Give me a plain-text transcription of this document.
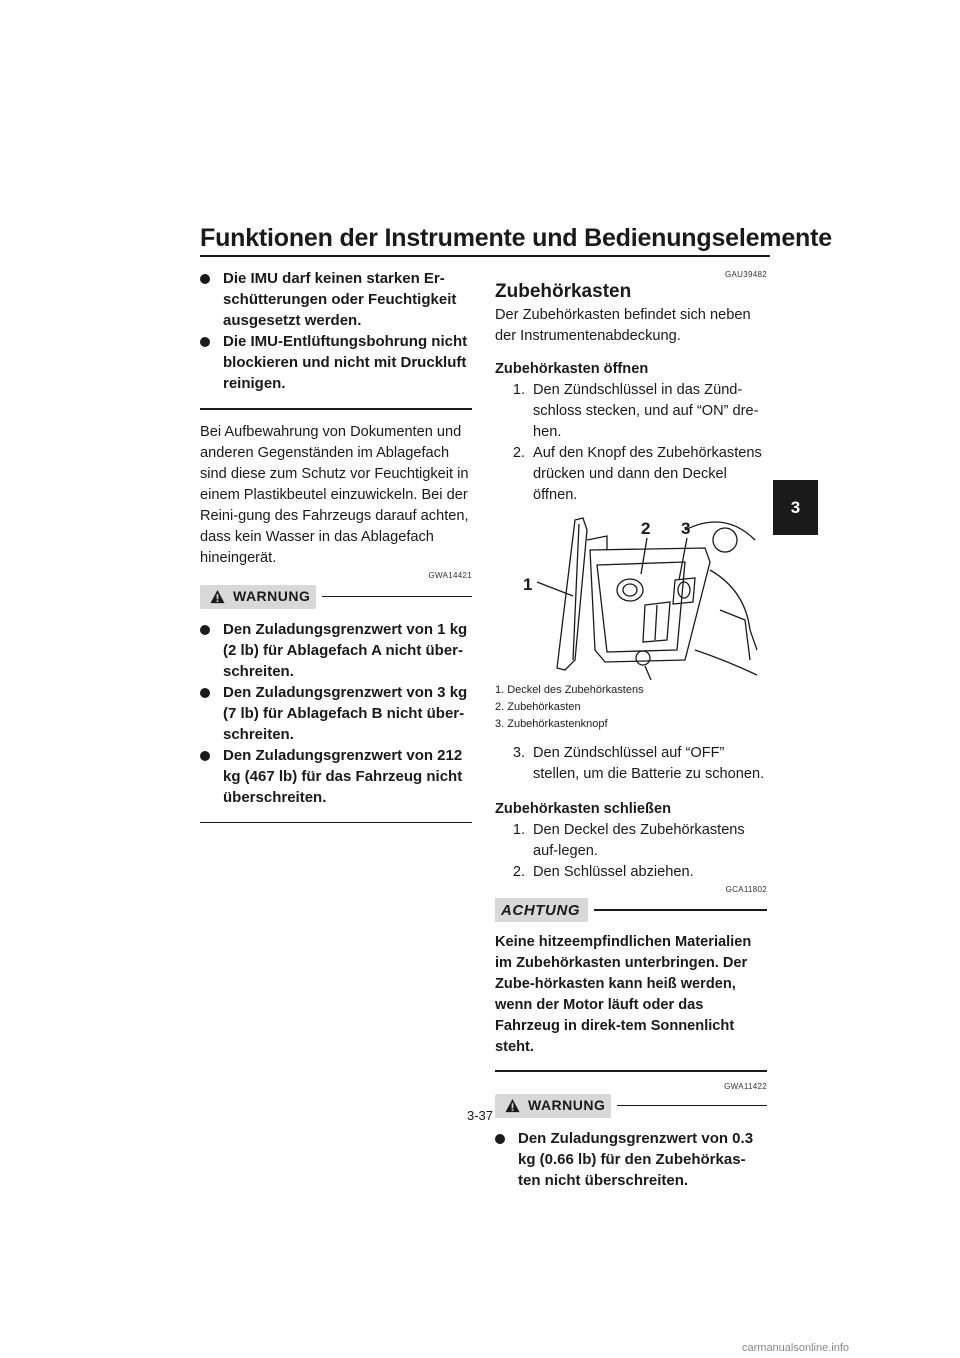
Funktionen der Instrumente und Bedienungselemente
3
Die IMU darf keinen starken Er-schütterungen oder Feuchtigkeit ausgesetzt werden.
Die IMU-Entlüftungsbohrung nicht blockieren und nicht mit Druckluft reinigen.

Bei Aufbewahrung von Dokumenten und anderen Gegenständen im Ablagefach sind diese zum Schutz vor Feuchtigkeit in einem Plastikbeutel einzuwickeln. Bei der Reini-gung des Fahrzeugs darauf achten, dass kein Wasser in das Ablagefach hineingerät.

GWA14421
WARNUNG
Den Zuladungsgrenzwert von 1 kg (2 lb) für Ablagefach A nicht über-schreiten.
Den Zuladungsgrenzwert von 3 kg (7 lb) für Ablagefach B nicht über-schreiten.
Den Zuladungsgrenzwert von 212 kg (467 lb) für das Fahrzeug nicht überschreiten.
GAU39482
Zubehörkasten

Der Zubehörkasten befindet sich neben der Instrumentenabdeckung.

Zubehörkasten öffnen
1. Den Zündschlüssel in das Zünd-schloss stecken, und auf “ON” dre-hen.
2. Auf den Knopf des Zubehörkastens drücken und dann den Deckel öffnen.
1
2 3
1. Deckel des Zubehörkastens
2. Zubehörkasten
3. Zubehörkastenknopf
3. Den Zündschlüssel auf “OFF” stellen, um die Batterie zu schonen.
Zubehörkasten schließen
1. Den Deckel des Zubehörkastens auf-legen.
2. Den Schlüssel abziehen.
GCA11802
ACHTUNG

Keine hitzeempfindlichen Materialien im Zubehörkasten unterbringen. Der Zube-hörkasten kann heiß werden, wenn der Motor läuft oder das Fahrzeug in direk-tem Sonnenlicht steht.

GWA11422
WARNUNG
Den Zuladungsgrenzwert von 0.3 kg (0.66 lb) für den Zubehörkas-ten nicht überschreiten.
3-37
carmanualsonline.info
